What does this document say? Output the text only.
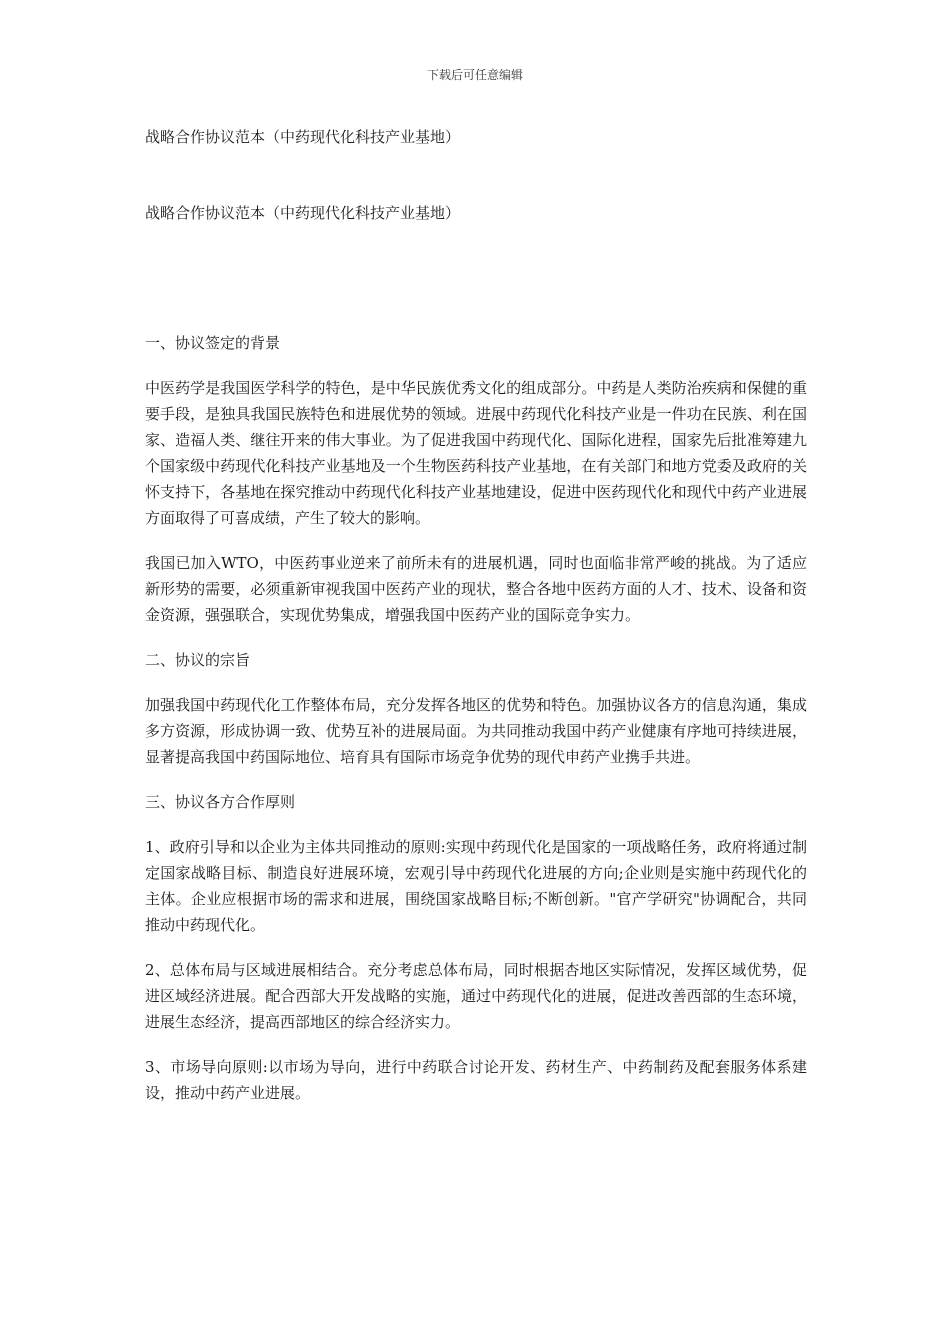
下载后可任意编辑

战略合作协议范本（中药现代化科技产业基地）

战略合作协议范本（中药现代化科技产业基地）

一、协议签定的背景

中医药学是我国医学科学的特色，是中华民族优秀文化的组成部分。中药是人类防治疾病和保健的重要手段，是独具我国民族特色和进展优势的领域。进展中药现代化科技产业是一件功在民族、利在国家、造福人类、继往开来的伟大事业。为了促进我国中药现代化、国际化进程，国家先后批准筹建九个国家级中药现代化科技产业基地及一个生物医药科技产业基地，在有关部门和地方党委及政府的关怀支持下，各基地在探究推动中药现代化科技产业基地建设，促进中医药现代化和现代中药产业进展方面取得了可喜成绩，产生了较大的影响。

我国已加入WTO，中医药事业逆来了前所未有的进展机遇，同时也面临非常严峻的挑战。为了适应新形势的需要，必须重新审视我国中医药产业的现状，整合各地中医药方面的人才、技术、设备和资金资源，强强联合，实现优势集成，增强我国中医药产业的国际竞争实力。

二、协议的宗旨

加强我国中药现代化工作整体布局，充分发挥各地区的优势和特色。加强协议各方的信息沟通，集成多方资源，形成协调一致、优势互补的进展局面。为共同推动我国中药产业健康有序地可持续进展，显著提高我国中药国际地位、培育具有国际市场竞争优势的现代申药产业携手共进。

三、协议各方合作厚则

1、政府引导和以企业为主体共同推动的原则:实现中药现代化是国家的一项战略任务，政府将通过制定国家战略目标、制造良好进展环境，宏观引导中药现代化进展的方向;企业则是实施中药现代化的主体。企业应根据市场的需求和进展，围绕国家战略目标;不断创新。"官产学研究"协调配合，共同推动中药现代化。

2、总体布局与区域进展相结合。充分考虑总体布局，同时根据杏地区实际情况，发挥区域优势，促进区域经济进展。配合西部大开发战略的实施，通过中药现代化的进展，促进改善西部的生态环境，进展生态经济，提高西部地区的综合经济实力。

3、市场导向原则:以市场为导向，进行中药联合讨论开发、药材生产、中药制药及配套服务体系建设，推动中药产业进展。
